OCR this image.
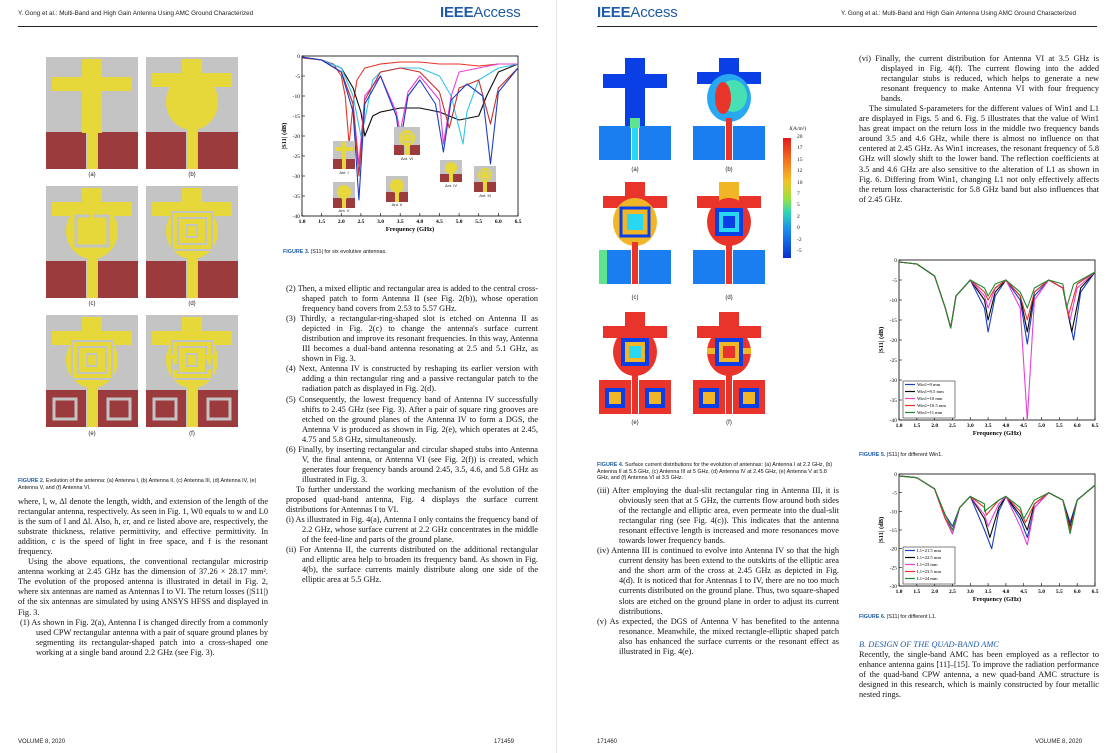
Y. Gong et al.: Multi-Band and High Gain Antenna Using AMC Ground Characterized	IEEEAccess
(a)	(b)
(c)	(d)
(e)	(f)
FIGURE 2. Evolution of the antenna: (a) Antenna I, (b) Antenna II, (c) Antenna III, (d) Antenna IV, (e) Antenna V, and (f) Antenna VI.
0
-5
-10
-15
-20
-25
-30
-35
-40
1.0 1.5 2.0 2.5 3.0 3.5 4.0 4.5 5.0 5.5 6.0 6.5
Frequency (GHz)
|S11| (dB)
Ant. I
Ant. V
Ant. II
Ant. VI
Ant. IV
Ant. III
FIGURE 3. |S11| for six evolutive antennas.

where, l, w, Δl denote the length, width, and extension of the length of the rectangular antenna, respectively. As seen in Fig. 1, W0 equals to w and L0 is the sum of l and Δl. Also, h, εr, and εe listed above are, respectively, the substrate thickness, relative permittivity, and effective permittivity. In addition, c is the speed of light in free space, and f is the resonant frequency.

Using the above equations, the conventional rectangular microstrip antenna working at 2.45 GHz has the dimension of 37.26 × 28.17 mm². The evolution of the proposed antenna is illustrated in detail in Fig. 2, where six antennas are named as Antennas I to VI. The return losses (|S11|) of the six antennas are simulated by using ANSYS HFSS and displayed in Fig. 3.

(1) As shown in Fig. 2(a), Antenna I is changed directly from a commonly used CPW rectangular antenna with a pair of square ground planes by segmenting its rectangular-shaped patch into a cross-shaped one working at a single band around 2.2 GHz (see Fig. 3).

(2) Then, a mixed elliptic and rectangular area is added to the central cross-shaped patch to form Antenna II (see Fig. 2(b)), whose operation frequency band covers from 2.53 to 5.57 GHz.

(3) Thirdly, a rectangular-ring-shaped slot is etched on Antenna II as depicted in Fig. 2(c) to change the antenna's surface current distribution and improve its resonant frequencies. In this way, Antenna III becomes a dual-band antenna resonating at 2.5 and 5.1 GHz, as shown in Fig. 3.

(4) Next, Antenna IV is constructed by reshaping its earlier version with adding a thin rectangular ring and a passive rectangular patch to the radiation patch as displayed in Fig. 2(d).

(5) Consequently, the lowest frequency band of Antenna IV successfully shifts to 2.45 GHz (see Fig. 3). After a pair of square ring grooves are etched on the ground planes of the Antenna IV to form a DGS, the Antenna V is produced as shown in Fig. 2(e), which operates at 2.45, 4.75 and 5.8 GHz, simultaneously.

(6) Finally, by inserting rectangular and circular shaped stubs into Antenna V, the final antenna, or Antenna VI (see Fig. 2(f)) is created, which generates four frequency bands around 2.45, 3.5, 4.6, and 5.8 GHz as illustrated in Fig. 3.

To further understand the working mechanism of the evolution of the proposed quad-band antenna, Fig. 4 displays the surface current distributions for Antennas I to VI.

(i) As illustrated in Fig. 4(a), Antenna I only contains the frequency band of 2.2 GHz, whose surface current at 2.2 GHz concentrates in the middle of the feed-line and parts of the ground plane.

(ii) For Antenna II, the currents distributed on the additional rectangular and elliptic area help to broaden its frequency band. As shown in Fig. 4(b), the surface currents mainly distribute along one side of the elliptic area at 5.5 GHz.

VOLUME 8, 2020	171459
IEEEAccess	Y. Gong et al.: Multi-Band and High Gain Antenna Using AMC Ground Characterized
(a)	(b)
(c)	(d)
(e)	(f)
J(A/m²)
20
17
15
12
10
7
5
2
0
-2
-5
FIGURE 4. Surface current distributions for the evolution of antennas: (a) Antenna I at 2.2 GHz, (b) Antenna II at 5.5 GHz, (c) Antenna III at 5 GHz, (d) Antenna IV at 2.45 GHz, (e) Antenna V at 5.8 GHz, and (f) Antenna VI at 3.5 GHz.

(iii) After employing the dual-slit rectangular ring in Antenna III, it is obviously seen that at 5 GHz, the currents flow around both sides of the rectangle and elliptic area, even permeate into the dual-slit rectangular ring (see Fig. 4(c)). This indicates that the antenna resonant effective length is increased and more resonances move towards lower frequency bands.

(iv) Antenna III is continued to evolve into Antenna IV so that the high current density has been extend to the outskirts of the elliptic area and the short arm of the cross at 2.45 GHz as depicted in Fig. 4(d). It is noticed that for Antennas I to IV, there are no too much currents distributed on the ground plane. Thus, two square-shaped slots are etched on the ground plane in order to adjust its current distributions.

(v) As expected, the DGS of Antenna V has benefited to the antenna resonance. Meanwhile, the mixed rectangle-elliptic shaped patch also has enhanced the surface currents or the resonant effect as illustrated in Fig. 4(e).

(vi) Finally, the current distribution for Antenna VI at 3.5 GHz is displayed in Fig. 4(f). The current flowing into the added rectangular stubs is reduced, which helps to generate a new resonant frequency to make Antenna VI with four frequency bands.

The simulated S-parameters for the different values of Win1 and L1 are displayed in Figs. 5 and 6. Fig. 5 illustrates that the value of Win1 has great impact on the return loss in the middle two frequency bands around 3.5 and 4.6 GHz, while there is almost no influence on that centered at 2.45 GHz. As Win1 increases, the resonant frequency of 5.8 GHz will slowly shift to the lower band. The reflection coefficients at 3.5 and 4.6 GHz are also sensitive to the alteration of L1 as shown in Fig. 6. Differing from Win1, changing L1 not only effectively affects the return loss characteristic for 5.8 GHz band but also influences that of 2.45 GHz.

0
-5
-10
-15
-20
-25
-30
-35
-40
1.0 1.5 2.0 2.5 3.0 3.5 4.0 4.5 5.0 5.5 6.0 6.5
Frequency (GHz)
|S11| (dB)
Win1=9 mm
Win1=9.5 mm
Win1=10 mm
Win1=10.5 mm
Win1=11 mm
FIGURE 5. |S11| for different Win1.
0
-5
-10
-15
-20
-25
-30
1.0 1.5 2.0 2.5 3.0 3.5 4.0 4.5 5.0 5.5 6.0 6.5
Frequency (GHz)
|S11| (dB)
L1=21.5 mm
L1=22.5 mm
L1=23 mm
L1=23.5 mm
L1=24 mm
FIGURE 6. |S11| for different L1.

B. DESIGN OF THE QUAD-BAND AMC

Recently, the single-band AMC has been employed as a reflector to enhance antenna gains [11]–[15]. To improve the radiation performance of the quad-band CPW antenna, a new quad-band AMC structure is designed in this research, which is mainly constructed by four metallic nested rings.

171460	VOLUME 8, 2020
